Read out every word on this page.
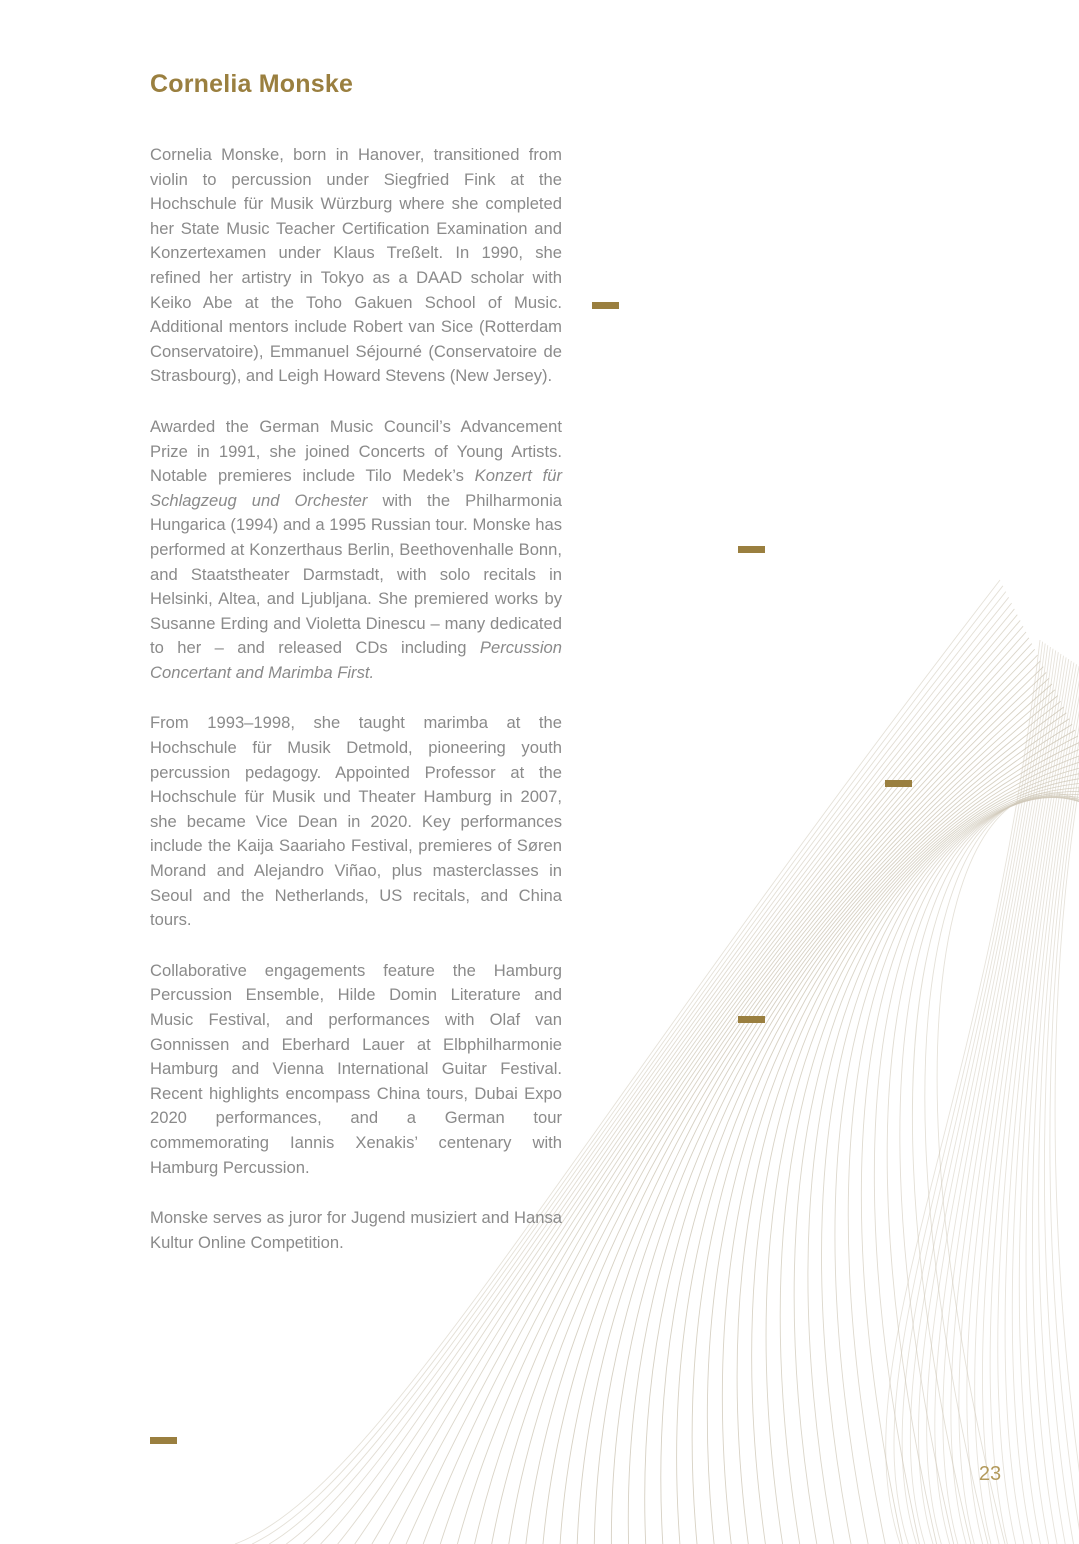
Cornelia Monske

Cornelia Monske, born in Hanover, transitioned from violin to percussion under Siegfried Fink at the Hochschule für Musik Würzburg where she completed her State Music Teacher Certification Examination and Konzertexamen under Klaus Treßelt. In 1990, she refined her artistry in Tokyo as a DAAD scholar with Keiko Abe at the Toho Gakuen School of Music. Additional mentors include Robert van Sice (Rotterdam Conservatoire), Emmanuel Séjourné (Conservatoire de Strasbourg), and Leigh Howard Stevens (New Jersey).

Awarded the German Music Council’s Advancement Prize in 1991, she joined Concerts of Young Artists. Notable premieres include Tilo Medek’s Konzert für Schlagzeug und Orchester with the Philharmonia Hungarica (1994) and a 1995 Russian tour. Monske has performed at Konzerthaus Berlin, Beethovenhalle Bonn, and Staatstheater Darmstadt, with solo recitals in Helsinki, Altea, and Ljubljana. She premiered works by Susanne Erding and Violetta Dinescu – many dedicated to her – and released CDs including Percussion Concertant and Marimba First.

From 1993–1998, she taught marimba at the Hochschule für Musik Detmold, pioneering youth percussion pedagogy. Appointed Professor at the Hochschule für Musik und Theater Hamburg in 2007, she became Vice Dean in 2020. Key performances include the Kaija Saariaho Festival, premieres of Søren Morand and Alejandro Viñao, plus masterclasses in Seoul and the Netherlands, US recitals, and China tours.

Collaborative engagements feature the Hamburg Percussion Ensemble, Hilde Domin Literature and Music Festival, and performances with Olaf van Gonnissen and Eberhard Lauer at Elbphilharmonie Hamburg and Vienna International Guitar Festival. Recent highlights encompass China tours, Dubai Expo 2020 performances, and a German tour commemorating Iannis Xenakis’ centenary with Hamburg Percussion.

Monske serves as juror for Jugend musiziert and Hansa Kultur Online Competition.

23
